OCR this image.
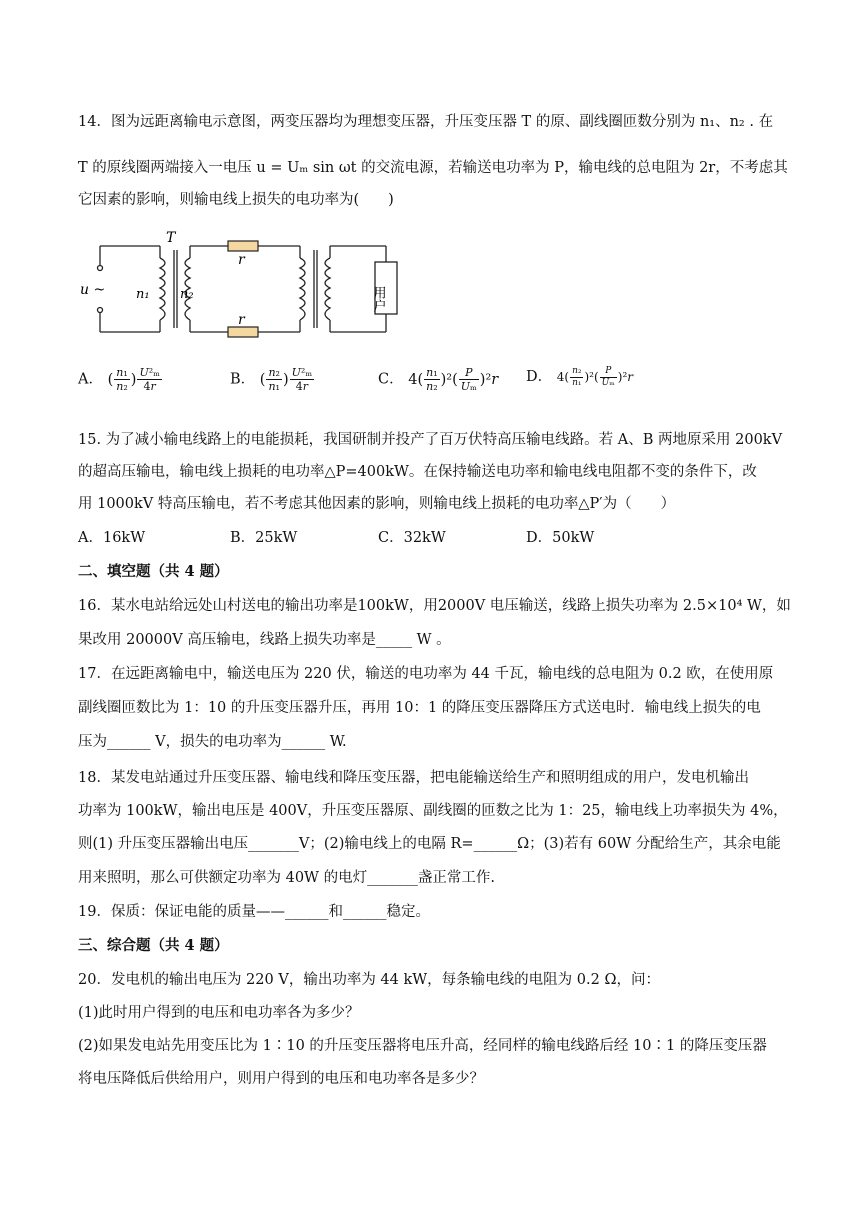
14．图为远距离输电示意图，两变压器均为理想变压器，升压变压器 T 的原、副线圈匝数分别为 n₁、n₂ . 在
T 的原线圈两端接入一电压 u = Uₘ sin ωt 的交流电源，若输送电功率为 P，输电线的总电阻为 2r，不考虑其
它因素的影响，则输电线上损失的电功率为(　　)
u ~ n₁ n₂
T
r
r
用户
A． ( $\frac{\text{n₁}}{\text{n₂}}$ ) $\frac{\text{U²ₘ}}{4r}$	B． ( $\frac{\text{n₂}}{\text{n₁}}$ ) $\frac{\text{U²ₘ}}{4r}$	C． $4( \frac{\text{n₁}}{\text{n₂}} )^2( \frac{P}{\text{Uₘ}} )^2r$ D． $4( \frac{\text{n₂}}{\text{n₁}} )^2( \frac{P}{\text{Uₘ}} )^2r$
15. 为了减小输电线路上的电能损耗，我国研制并投产了百万伏特高压输电线路。若 A、B 两地原采用 200kV
的超高压输电，输电线上损耗的电功率△P=400kW。在保持输送电功率和输电线电阻都不变的条件下，改
用 1000kV 特高压输电，若不考虑其他因素的影响，则输电线上损耗的电功率△P′为（　　）
A．16kW	B．25kW	C．32kW	D．50kW
二、填空题（共 4 题）
16．某水电站给远处山村送电的输出功率是100kW，用2000V 电压输送，线路上损失功率为 2.5×10⁴ W，如
果改用 20000V 高压输电，线路上损失功率是_____ W 。
17．在远距离输电中，输送电压为 220 伏，输送的电功率为 44 千瓦，输电线的总电阻为 0.2 欧，在使用原
副线圈匝数比为 1：10 的升压变压器升压，再用 10：1 的降压变压器降压方式送电时．输电线上损失的电
压为______ V，损失的电功率为______ W.
18．某发电站通过升压变压器、输电线和降压变压器，把电能输送给生产和照明组成的用户，发电机输出
功率为 100kW，输出电压是 400V，升压变压器原、副线圈的匝数之比为 1：25，输电线上功率损失为 4%，
则(1) 升压变压器输出电压_______V；(2)输电线上的电隔 R=______Ω；(3)若有 60W 分配给生产，其余电能
用来照明，那么可供额定功率为 40W 的电灯_______盏正常工作.
19．保质：保证电能的质量——______和______稳定。
三、综合题（共 4 题）
20．发电机的输出电压为 220 V，输出功率为 44 kW，每条输电线的电阻为 0.2 Ω，问：
(1)此时用户得到的电压和电功率各为多少？
(2)如果发电站先用变压比为 1∶10 的升压变压器将电压升高，经同样的输电线路后经 10∶1 的降压变压器
将电压降低后供给用户，则用户得到的电压和电功率各是多少？
